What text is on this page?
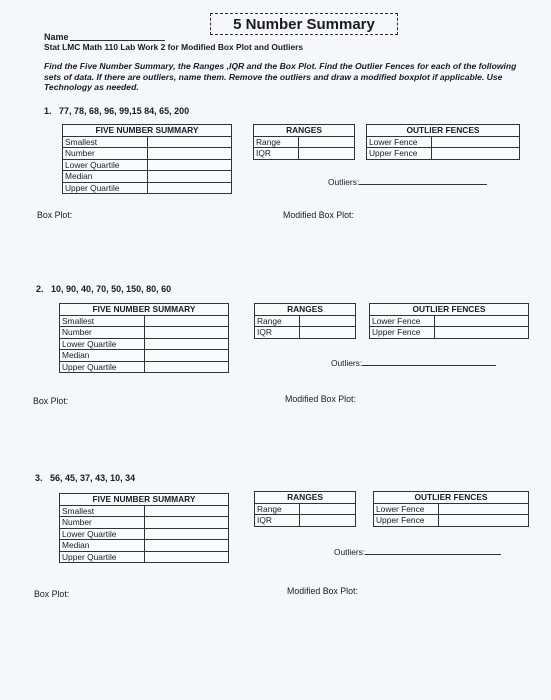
5 Number Summary
Name
Stat LMC Math 110 Lab Work 2 for Modified Box Plot and Outliers
Find the Five Number Summary, the Ranges ,IQR and the Box Plot. Find the Outlier Fences for each of the following sets of data. If there are outliers, name them. Remove the outliers and draw a modified boxplot if applicable. Use Technology as needed.
1. 77, 78, 68, 96, 99,15 84, 65, 200
FIVE NUMBER SUMMARY	
Smallest	
Number	
Lower Quartile	
Median	
Upper Quartile	
RANGES	
Range	
IQR	
OUTLIER FENCES	
Lower Fence	
Upper Fence	
Outliers:
Box Plot:	Modified Box Plot:
2. 10, 90, 40, 70, 50, 150, 80, 60
FIVE NUMBER SUMMARY	
Smallest	
Number	
Lower Quartile	
Median	
Upper Quartile	
RANGES	
Range	
IQR	
OUTLIER FENCES	
Lower Fence	
Upper Fence	
Outliers:
Box Plot:	Modified Box Plot:
3. 56, 45, 37, 43, 10, 34
FIVE NUMBER SUMMARY	
Smallest	
Number	
Lower Quartile	
Median	
Upper Quartile	
RANGES	
Range	
IQR	
OUTLIER FENCES	
Lower Fence	
Upper Fence	
Outliers:
Box Plot:	Modified Box Plot:
